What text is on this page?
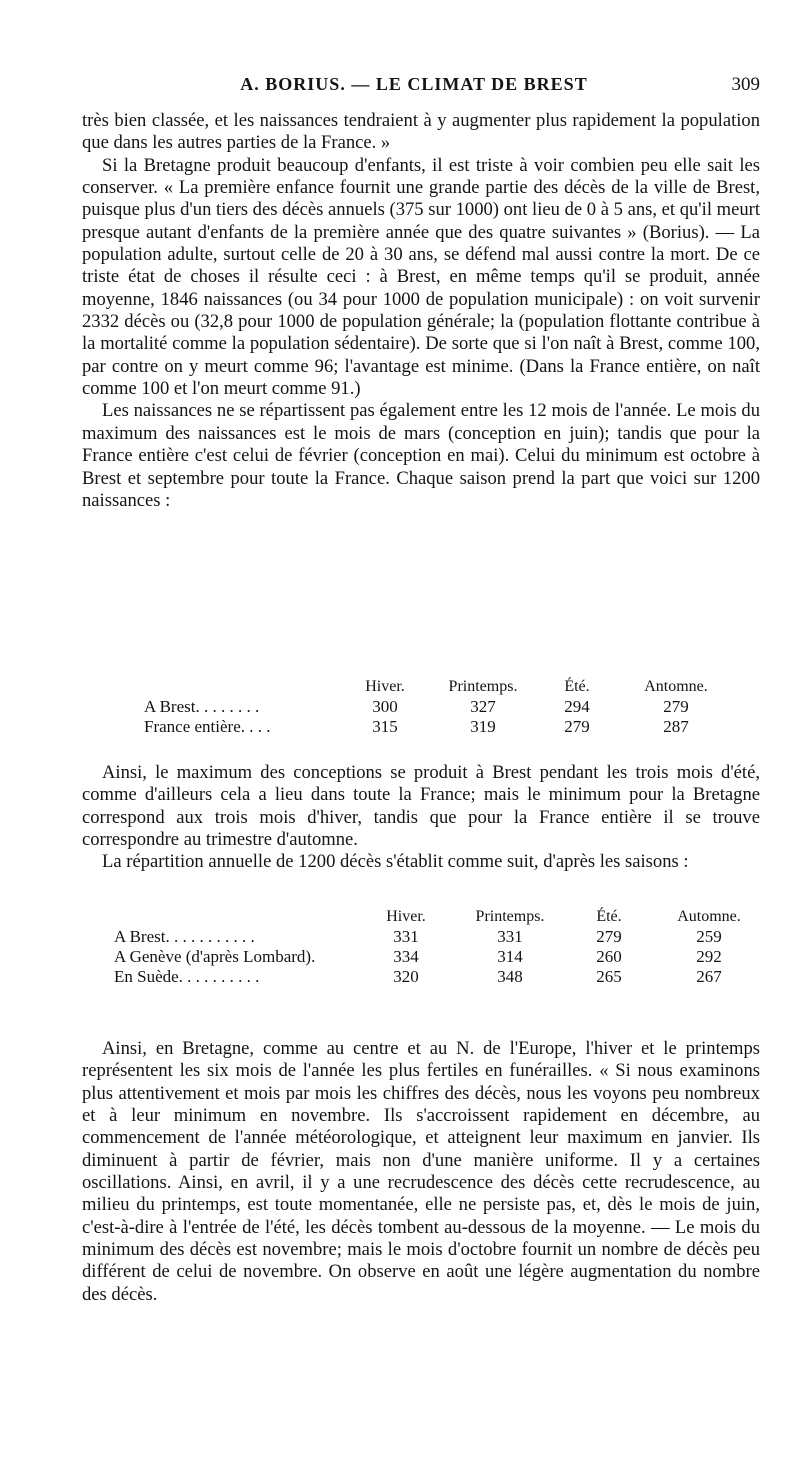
A. BORIUS. — LE CLIMAT DE BREST	309

très bien classée, et les naissances tendraient à y augmenter plus rapidement la population que dans les autres parties de la France. »

Si la Bretagne produit beaucoup d'enfants, il est triste à voir combien peu elle sait les conserver. « La première enfance fournit une grande partie des décès de la ville de Brest, puisque plus d'un tiers des décès annuels (375 sur 1000) ont lieu de 0 à 5 ans, et qu'il meurt presque autant d'enfants de la première année que des quatre suivantes » (Borius). — La population adulte, surtout celle de 20 à 30 ans, se défend mal aussi contre la mort. De ce triste état de choses il résulte ceci : à Brest, en même temps qu'il se produit, année moyenne, 1846 naissances (ou 34 pour 1000 de population municipale) : on voit survenir 2332 décès ou (32,8 pour 1000 de population générale; la (population flottante contribue à la mortalité comme la population sédentaire). De sorte que si l'on naît à Brest, comme 100, par contre on y meurt comme 96; l'avantage est minime. (Dans la France entière, on naît comme 100 et l'on meurt comme 91.)

Les naissances ne se répartissent pas également entre les 12 mois de l'année. Le mois du maximum des naissances est le mois de mars (conception en juin); tandis que pour la France entière c'est celui de février (conception en mai). Celui du minimum est octobre à Brest et septembre pour toute la France. Chaque saison prend la part que voici sur 1200 naissances :

	Hiver.	Printemps.	Été.	Antomne.
A Brest. . . . . . . .	300	327	294	279
France entière. . . .	315	319	279	287

Ainsi, le maximum des conceptions se produit à Brest pendant les trois mois d'été, comme d'ailleurs cela a lieu dans toute la France; mais le minimum pour la Bretagne correspond aux trois mois d'hiver, tandis que pour la France entière il se trouve correspondre au trimestre d'automne.

La répartition annuelle de 1200 décès s'établit comme suit, d'après les saisons :

	Hiver.	Printemps.	Été.	Automne.
A Brest. . . . . . . . . . .	331	331	279	259
A Genève (d'après Lombard).	334	314	260	292
En Suède. . . . . . . . . .	320	348	265	267

Ainsi, en Bretagne, comme au centre et au N. de l'Europe, l'hiver et le printemps représentent les six mois de l'année les plus fertiles en funérailles. « Si nous examinons plus attentivement et mois par mois les chiffres des décès, nous les voyons peu nombreux et à leur minimum en novembre. Ils s'accroissent rapidement en décembre, au commencement de l'année météorologique, et atteignent leur maximum en janvier. Ils diminuent à partir de février, mais non d'une manière uniforme. Il y a certaines oscillations. Ainsi, en avril, il y a une recrudescence des décès cette recrudescence, au milieu du printemps, est toute momentanée, elle ne persiste pas, et, dès le mois de juin, c'est-à-dire à l'entrée de l'été, les décès tombent au-dessous de la moyenne. — Le mois du minimum des décès est novembre; mais le mois d'octobre fournit un nombre de décès peu différent de celui de novembre. On observe en août une légère augmentation du nombre des décès.
